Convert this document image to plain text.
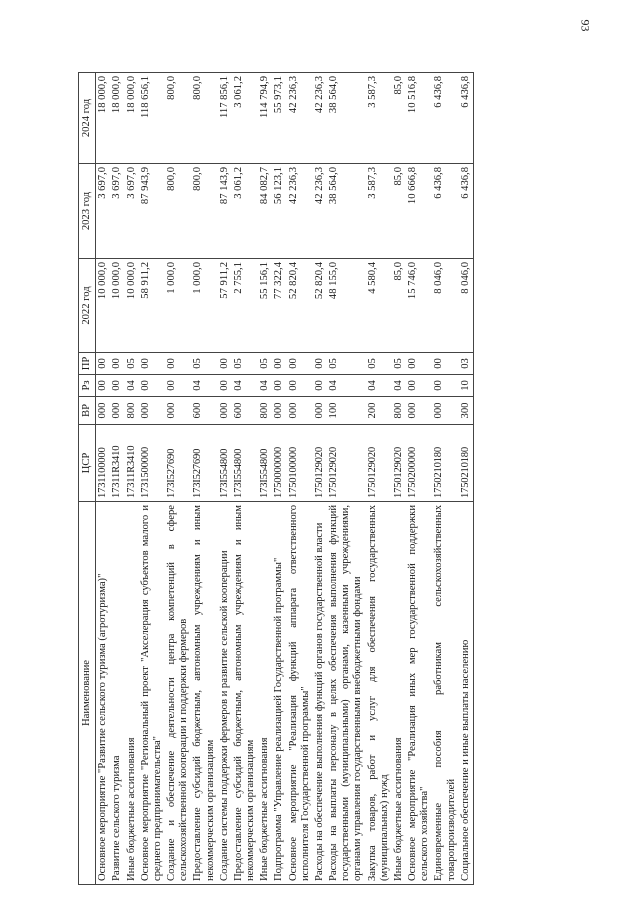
93
Наименование	ЦСР	ВР	Рз	ПР	2022 год	2023 год	2024 год
Основное мероприятие "Развитие сельского туризма (агротуризма)"	1731100000	000	00	00	10 000,0	3 697,0	18 000,0
Развитие сельского туризма	17311R3410	000	00	00	10 000,0	3 697,0	18 000,0
Иные бюджетные ассигнования	17311R3410	800	04	05	10 000,0	3 697,0	18 000,0
Основное мероприятие "Региональный проект "Акселерация субъектов малого и среднего предпринимательства"	1731500000	000	00	00	58 911,2	87 943,9	118 656,1
Создание и обеспечение деятельности центра компетенций в сфере сельскохозяйственной кооперации и поддержки фермеров	173I527690	000	00	00	1 000,0	800,0	800,0
Предоставление субсидий бюджетным, автономным учреждениям и иным некоммерческим организациям	173I527690	600	04	05	1 000,0	800,0	800,0
Создание системы поддержки фермеров и развитие сельской кооперации	173I554800	000	00	00	57 911,2	87 143,9	117 856,1
Предоставление субсидий бюджетным, автономным учреждениям и иным некоммерческим организациям	173I554800	600	04	05	2 755,1	3 061,2	3 061,2
Иные бюджетные ассигнования	173I554800	800	04	05	55 156,1	84 082,7	114 794,9
Подпрограмма "Управление реализацией Государственной программы"	1750000000	000	00	00	77 322,4	56 123,1	55 973,1
Основное мероприятие "Реализация функций аппарата ответственного исполнителя Государственной программы"	1750100000	000	00	00	52 820,4	42 236,3	42 236,3
Расходы на обеспечение выполнения функций органов государственной власти	1750129020	000	00	00	52 820,4	42 236,3	42 236,3
Расходы на выплаты персоналу в целях обеспечения выполнения функций государственными (муниципальными) органами, казенными учреждениями, органами управления государственными внебюджетными фондами	1750129020	100	04	05	48 155,0	38 564,0	38 564,0
Закупка товаров, работ и услуг для обеспечения государственных (муниципальных) нужд	1750129020	200	04	05	4 580,4	3 587,3	3 587,3
Иные бюджетные ассигнования	1750129020	800	04	05	85,0	85,0	85,0
Основное мероприятие "Реализация иных мер государственной поддержки сельского хозяйства"	1750200000	000	00	00	15 746,0	10 666,8	10 516,8
Единовременные пособия работникам сельскохозяйственных товаропроизводителей	1750210180	000	00	00	8 046,0	6 436,8	6 436,8
Социальное обеспечение и иные выплаты населению	1750210180	300	10	03	8 046,0	6 436,8	6 436,8
